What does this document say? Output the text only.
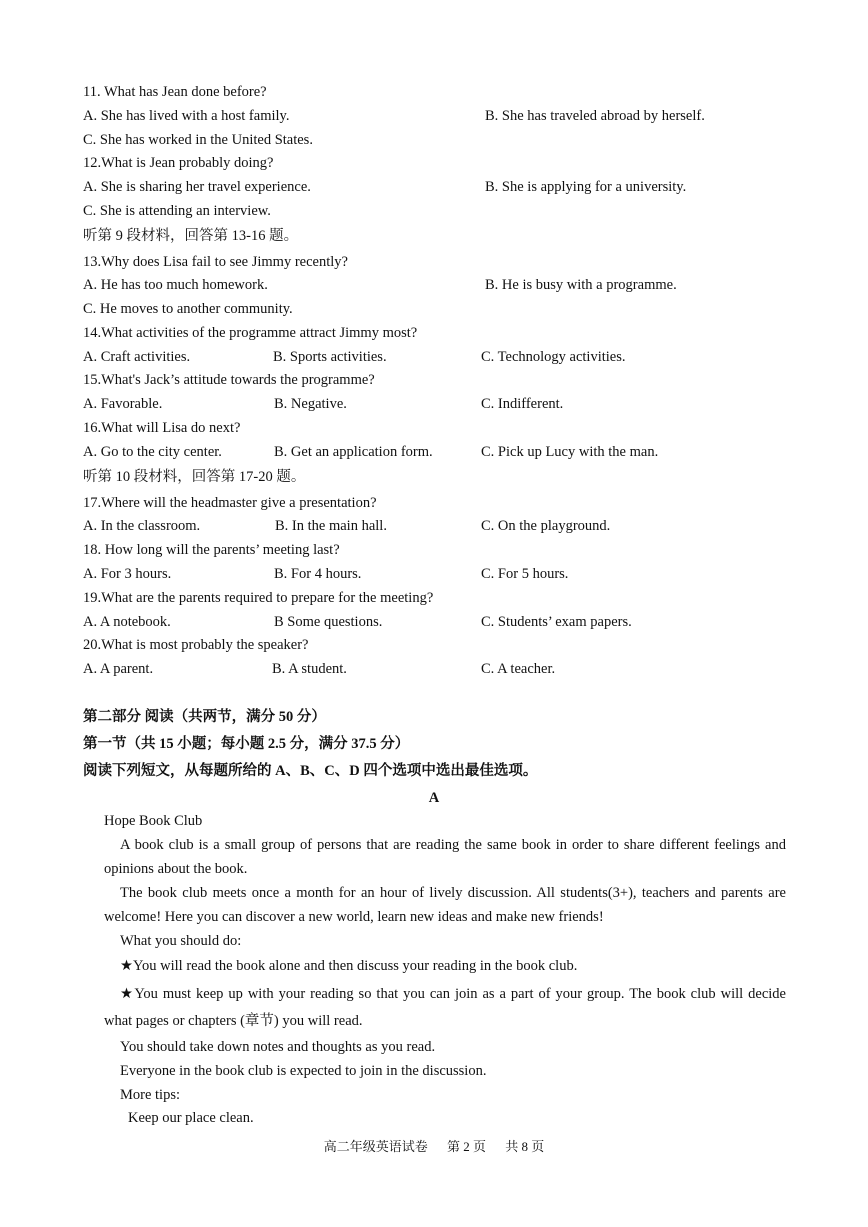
11. What has Jean done before?
A. She has lived with a host family.	B. She has traveled abroad by herself.
C. She has worked in the United States.
12.What is Jean probably doing?
A. She is sharing her travel experience.	B. She is applying for a university.
C. She is attending an interview.
听第 9 段材料，回答第 13-16 题。
13.Why does Lisa fail to see Jimmy recently?
A. He has too much homework.	B. He is busy with a programme.
C. He moves to another community.
14.What activities of the programme attract Jimmy most?
A. Craft activities.	B. Sports activities.	C. Technology activities.
15.What's Jack’s attitude towards the programme?
A. Favorable.	B. Negative.	C. Indifferent.
16.What will Lisa do next?
A. Go to the city center.	B. Get an application form.	C. Pick up Lucy with the man.
听第 10 段材料，回答第 17-20 题。
17.Where will the headmaster give a presentation?
A. In the classroom.	B. In the main hall.	C. On the playground.
18. How long will the parents’ meeting last?
A. For 3 hours.	B. For 4 hours.	C. For 5 hours.
19.What are the parents required to prepare for the meeting?
A. A notebook.	B Some questions.	C. Students’ exam papers.
20.What is most probably the speaker?
A. A parent.	B. A student.	C. A teacher.
第二部分 阅读（共两节，满分 50 分）
第一节（共 15 小题；每小题 2.5 分，满分 37.5 分）
阅读下列短文，从每题所给的 A、B、C、D 四个选项中选出最佳选项。
A
Hope Book Club
A book club is a small group of persons that are reading the same book in order to share different feelings and opinions about the book.
The book club meets once a month for an hour of lively discussion. All students(3+), teachers and parents are welcome! Here you can discover a new world, learn new ideas and make new friends!
What you should do:
★You will read the book alone and then discuss your reading in the book club.
★You must keep up with your reading so that you can join as a part of your group. The book club will decide what pages or chapters (章节) you will read.
You should take down notes and thoughts as you read.
Everyone in the book club is expected to join in the discussion.
More tips:
Keep our place clean.
高二年级英语试卷 第 2 页 共 8 页
